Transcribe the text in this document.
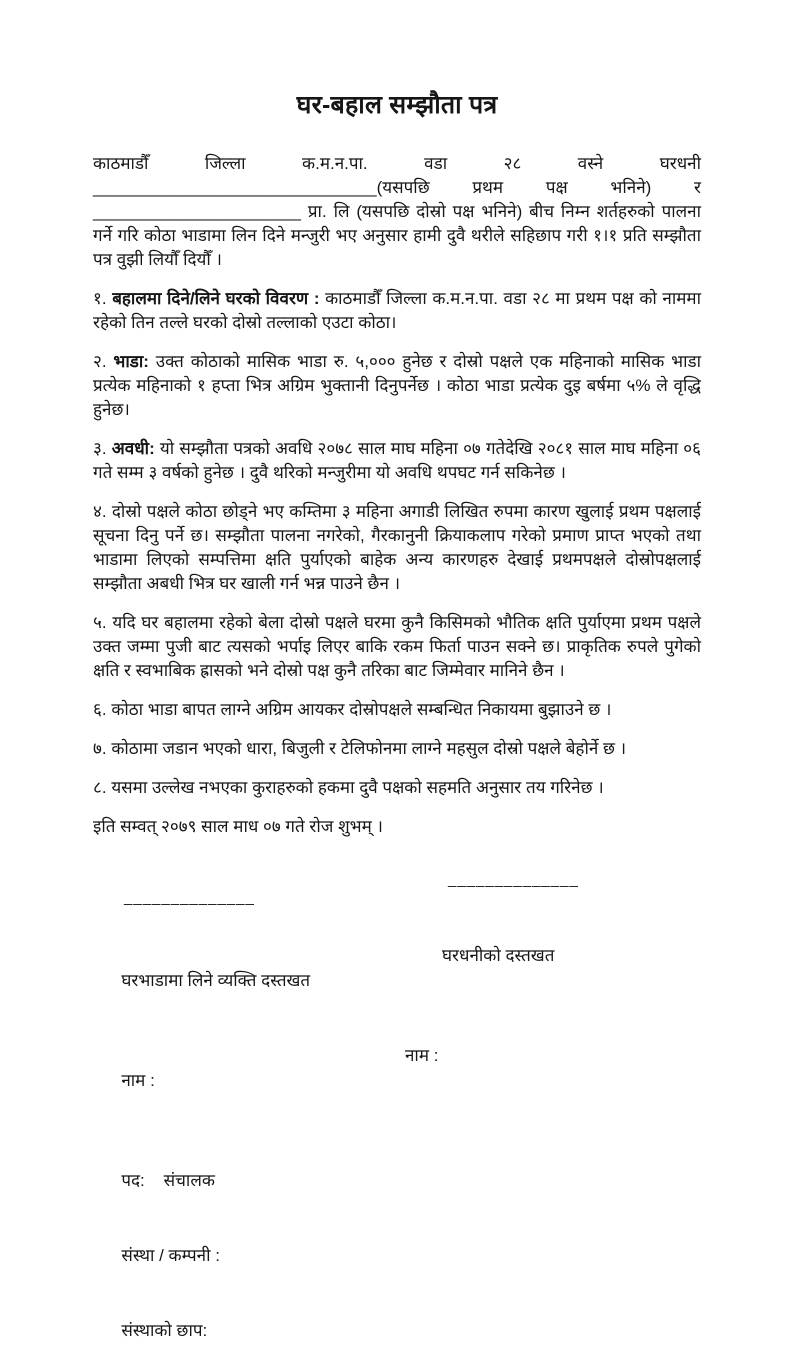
घर-बहाल सम्झौता पत्र

काठमाडौँ जिल्ला क.म.न.पा. वडा २८ वस्ने घरधनी ______________________________(यसपछि प्रथम पक्ष भनिने) र ______________________ प्रा. लि (यसपछि दोस्रो पक्ष भनिने) बीच निम्न शर्तहरुको पालना गर्ने गरि कोठा भाडामा लिन दिने मन्जुरी भए अनुसार हामी दुवै थरीले सहिछाप गरी १।१ प्रति सम्झौता पत्र वुझी लियौँ दियौँ ।

१. बहालमा दिने/लिने घरको विवरण : काठमाडौँ जिल्ला क.म.न.पा. वडा २८ मा प्रथम पक्ष को नाममा रहेको तिन तल्ले घरको दोस्रो तल्लाको एउटा कोठा।

२. भाडा: उक्त कोठाको मासिक भाडा रु. ५,००० हुनेछ र दोस्रो पक्षले एक महिनाको मासिक भाडा प्रत्येक महिनाको १ हप्ता भित्र अग्रिम भुक्तानी दिनुपर्नेछ । कोठा भाडा प्रत्येक दुइ बर्षमा ५% ले वृद्धि हुनेछ।

३. अवधी: यो सम्झौता पत्रको अवधि २०७८ साल माघ महिना ०७ गतेदेखि २०८१ साल माघ महिना ०६ गते सम्म ३ वर्षको हुनेछ । दुवै थरिको मन्जुरीमा यो अवधि थपघट गर्न सकिनेछ ।

४. दोस्रो पक्षले कोठा छोड्ने भए कम्तिमा ३ महिना अगाडी लिखित रुपमा कारण खुलाई प्रथम पक्षलाई सूचना दिनु पर्ने छ। सम्झौता पालना नगरेको, गैरकानुनी क्रियाकलाप गरेको प्रमाण प्राप्त भएको तथा भाडामा लिएको सम्पत्तिमा क्षति पुर्याएको बाहेक अन्य कारणहरु देखाई प्रथमपक्षले दोस्रोपक्षलाई सम्झौता अबधी भित्र घर खाली गर्न भन्न पाउने छैन ।

५. यदि घर बहालमा रहेको बेला दोस्रो पक्षले घरमा कुनै किसिमको भौतिक क्षति पुर्याएमा प्रथम पक्षले उक्त जम्मा पुजी बाट त्यसको भर्पाइ लिएर बाकि रकम फिर्ता पाउन सक्ने छ। प्राकृतिक रुपले पुगेको क्षति र स्वभाबिक ह्रासको भने दोस्रो पक्ष कुनै तरिका बाट जिम्मेवार मानिने छैन ।

६. कोठा भाडा बापत लाग्ने अग्रिम आयकर दोस्रोपक्षले सम्बन्धित निकायमा बुझाउने छ ।

७. कोठामा जडान भएको धारा, बिजुली र टेलिफोनमा लाग्ने महसुल दोस्रो पक्षले बेहोर्ने छ ।

८. यसमा उल्लेख नभएका कुराहरुको हकमा दुवै पक्षको सहमति अनुसार तय गरिनेछ ।

इति सम्वत् २०७९ साल माध ०७ गते रोज शुभम् ।

______________

______________

घरभाडामा लिने व्यक्ति दस्तखत

घरधनीको दस्तखत

नाम :

नाम :

पद:    संचालक

संस्था / कम्पनी :

संस्थाको छाप:
